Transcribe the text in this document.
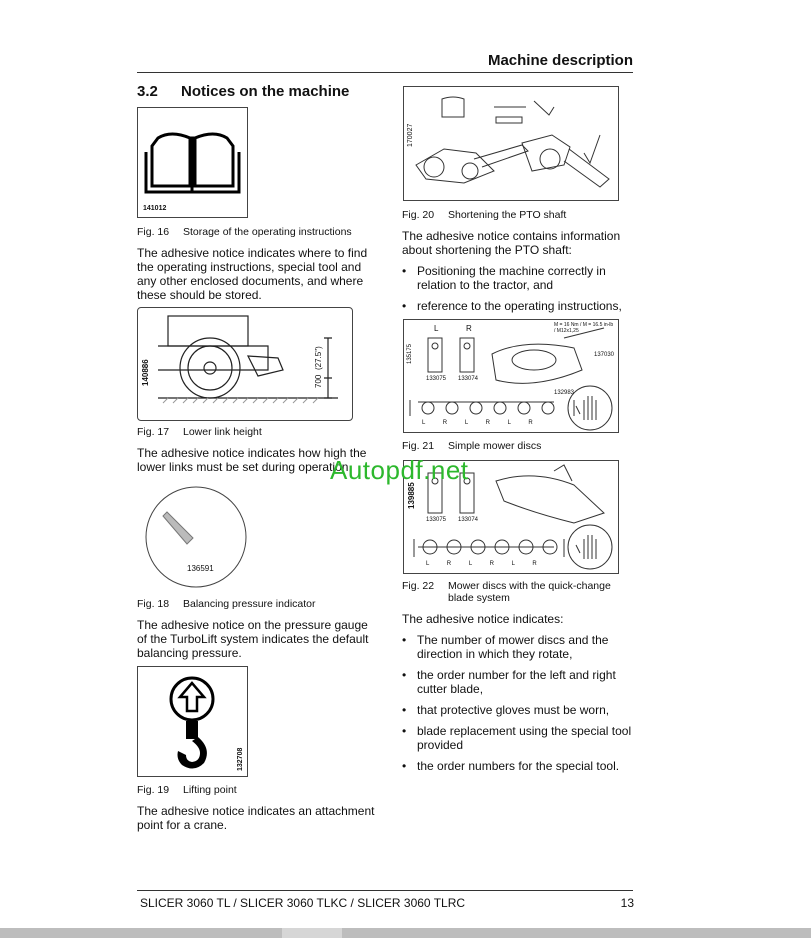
Machine description
3.2 Notices on the machine
141012
Fig. 16 Storage of the operating instructions
The adhesive notice indicates where to find the operating instructions, special tool and any other enclosed documents, and where these should be stored.
140886	700
(27.5")
Fig. 17 Lower link height
The adhesive notice indicates how high the lower links must be set during operation.
136591
Fig. 18 Balancing pressure indicator
The adhesive notice on the pressure gauge of the TurboLift system indicates the default balancing pressure.
132708
Fig. 19 Lifting point
The adhesive notice indicates an attachment point for a crane.
170027
Fig. 20 Shortening the PTO shaft
The adhesive notice contains information about shortening the PTO shaft:
• Positioning the machine correctly in relation to the tractor, and
• reference to the operating instructions,
L	R
135175
133075 133074
137030
132983
M = 16 Nm / M = 16.5 in-lb / M12x1,25
L	R	L	R	L	R
Fig. 21 Simple mower discs
139885
133075 133074
L	R	L	R	L	R
Fig. 22 Mower discs with the quick-change blade system
The adhesive notice indicates:
• The number of mower discs and the direction in which they rotate,
• the order number for the left and right cutter blade,
• that protective gloves must be worn,
• blade replacement using the special tool provided
• the order numbers for the special tool.
Autopdf.net
SLICER 3060 TL / SLICER 3060 TLKC / SLICER 3060 TLRC	13
